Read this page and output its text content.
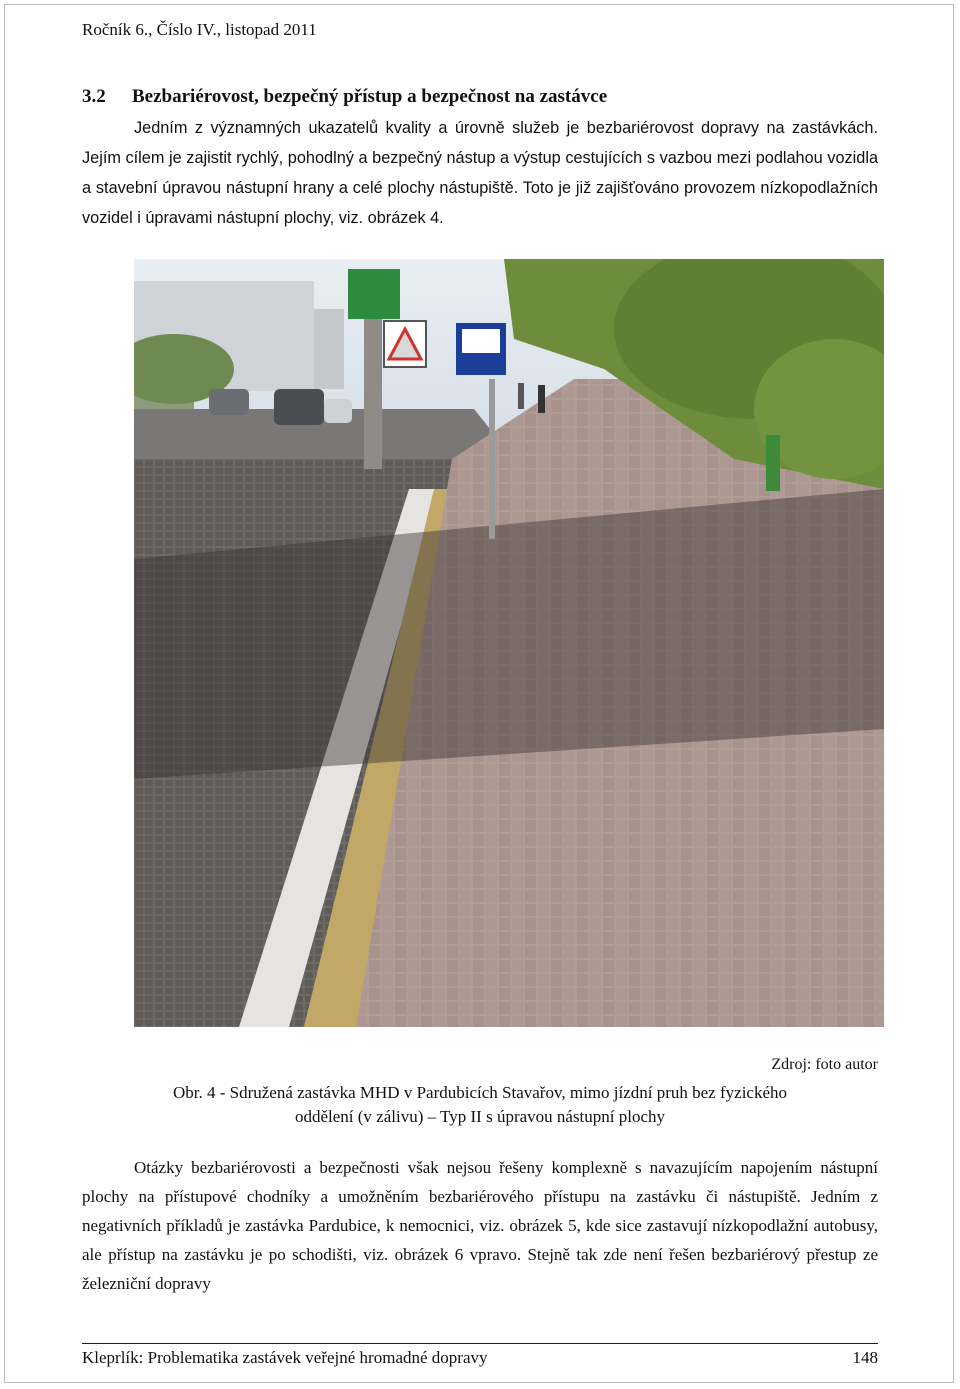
Ročník 6., Číslo IV., listopad 2011
3.2 Bezbariérovost, bezpečný přístup a bezpečnost na zastávce

Jedním z významných ukazatelů kvality a úrovně služeb je bezbariérovost dopravy na zastávkách. Jejím cílem je zajistit rychlý, pohodlný a bezpečný nástup a výstup cestujících s vazbou mezi podlahou vozidla a stavební úpravou nástupní hrany a celé plochy nástupiště. Toto je již zajišťováno provozem nízkopodlažních vozidel i úpravami nástupní plochy, viz. obrázek 4.

Zdroj: foto autor
Obr. 4 - Sdružená zastávka MHD v Pardubicích Stavařov, mimo jízdní pruh bez fyzického
oddělení (v zálivu) – Typ II s úpravou nástupní plochy

Otázky bezbariérovosti a bezpečnosti však nejsou řešeny komplexně s navazujícím napojením nástupní plochy na přístupové chodníky a umožněním bezbariérového přístupu na zastávku či nástupiště. Jedním z negativních příkladů je zastávka Pardubice, k nemocnici, viz. obrázek 5, kde sice zastavují nízkopodlažní autobusy, ale přístup na zastávku je po schodišti, viz. obrázek 6 vpravo. Stejně tak zde není řešen bezbariérový přestup ze železniční dopravy

Kleprlík: Problematika zastávek veřejné hromadné dopravy	148
